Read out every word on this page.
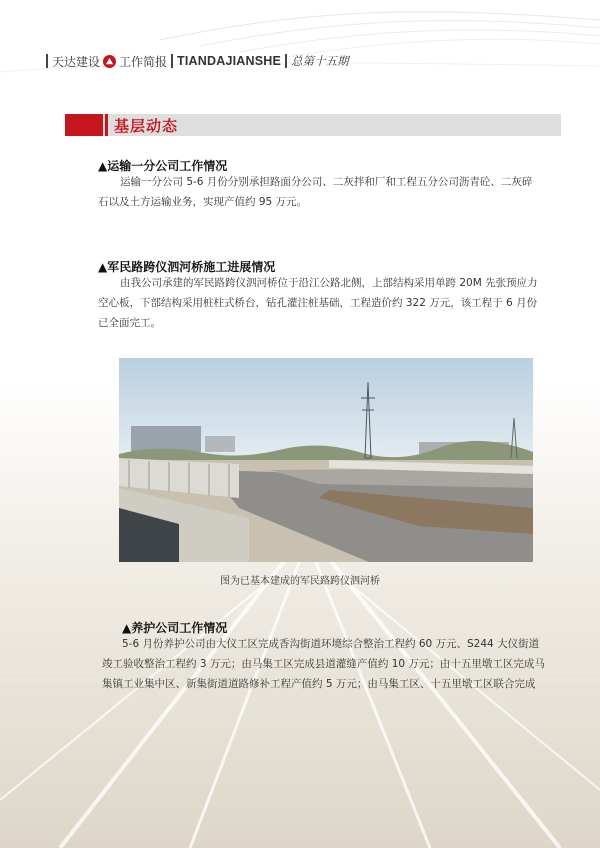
天达建设 工作简报 TIANDAJIANSHE 总第十五期
基层动态
▲运输一分公司工作情况
运输一分公司 5-6 月份分别承担路面分公司、二灰拌和厂和工程五分公司沥青砼、二灰碎
石以及土方运输业务，实现产值约 95 万元。
▲军民路跨仪泗河桥施工进展情况
由我公司承建的军民路跨仪泗河桥位于沿江公路北侧，上部结构采用单跨 20M 先张预应力
空心板，下部结构采用桩柱式桥台，钻孔灌注桩基础，工程造价约 322 万元，该工程于 6 月份
已全面完工。
图为已基本建成的军民路跨仪泗河桥
▲养护公司工作情况
5-6 月份养护公司由大仪工区完成香沟街道环境综合整治工程约 60 万元、S244 大仪街道
竣工验收整治工程约 3 万元；由马集工区完成县道灌缝产值约 10 万元；由十五里墩工区完成马
集镇工业集中区、新集街道道路修补工程产值约 5 万元；由马集工区、十五里墩工区联合完成
